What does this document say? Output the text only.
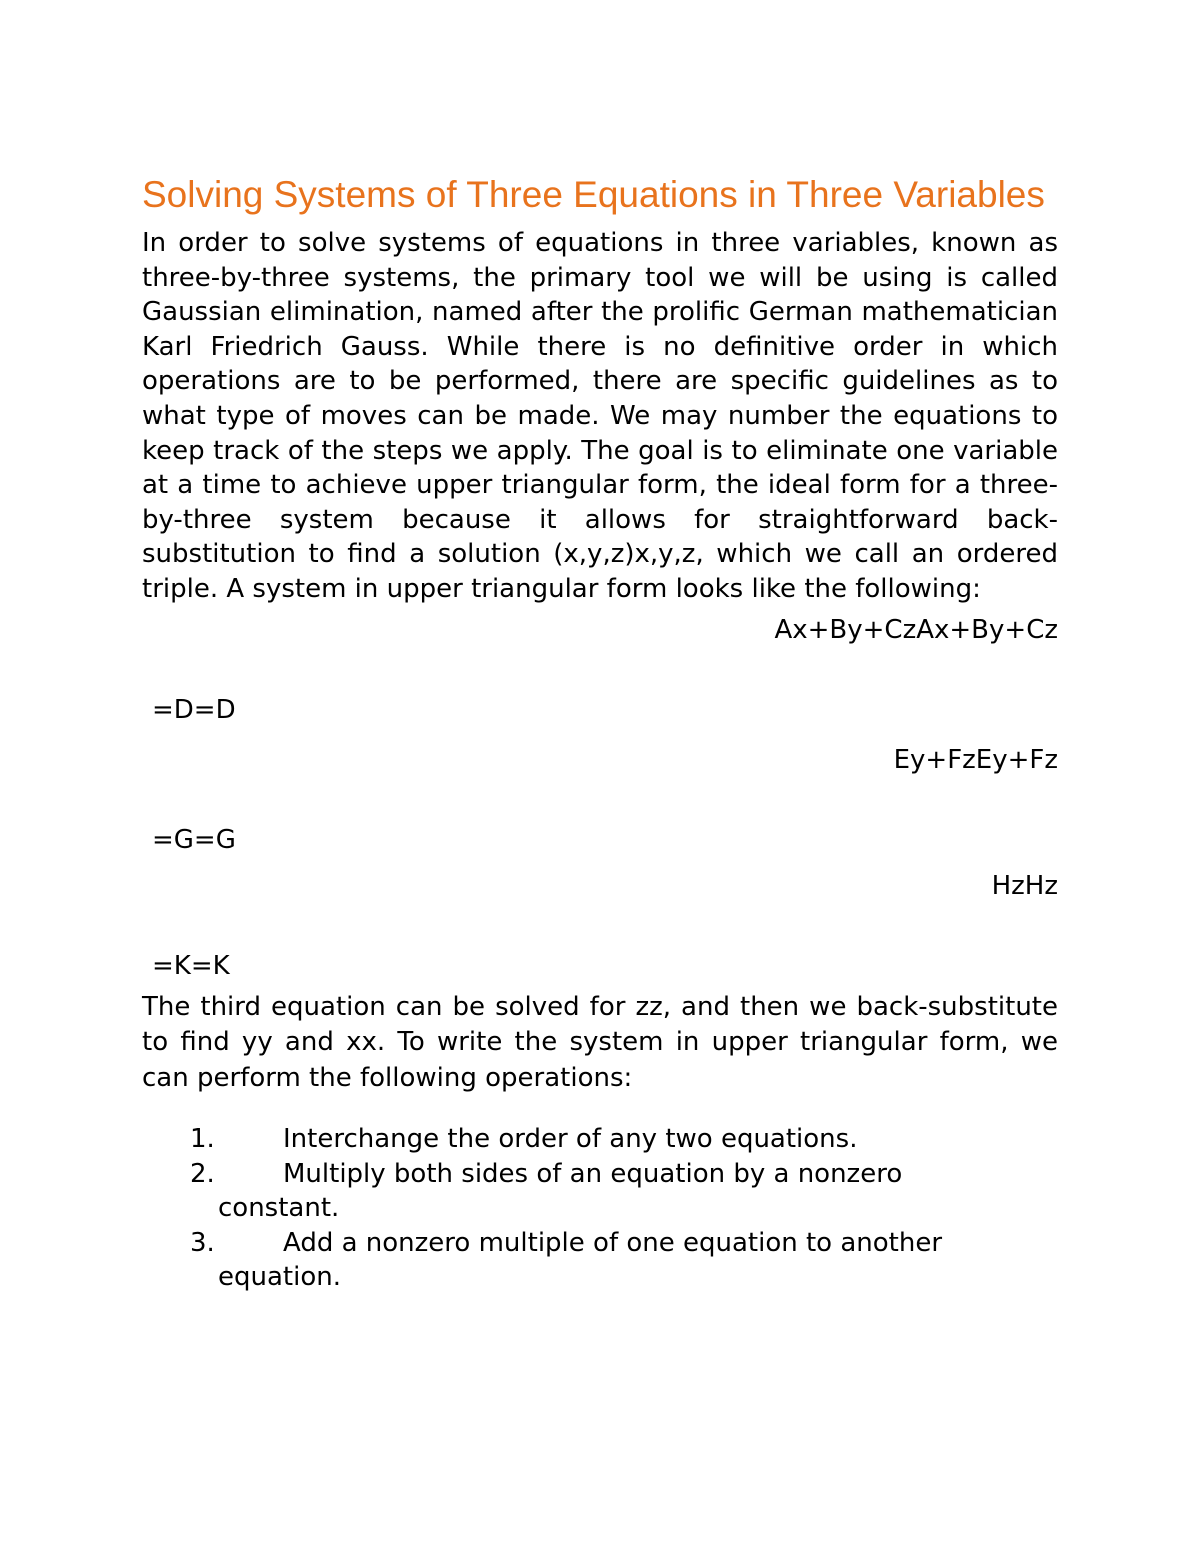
Solving Systems of Three Equations in Three Variables

In order to solve systems of equations in three variables, known as three-by-three systems, the primary tool we will be using is called Gaussian elimination, named after the prolific German mathematician Karl Friedrich Gauss. While there is no definitive order in which operations are to be performed, there are specific guidelines as to what type of moves can be made. We may number the equations to keep track of the steps we apply. The goal is to eliminate one variable at a time to achieve upper triangular form, the ideal form for a three-by-three system because it allows for straightforward back-substitution to find a solution (x,y,z)x,y,z, which we call an ordered triple. A system in upper triangular form looks like the following:

Ax+By+CzAx+By+Cz
=D=D
Ey+FzEy+Fz
=G=G
HzHz
=K=K

The third equation can be solved for zz, and then we back-substitute to find yy and xx. To write the system in upper triangular form, we can perform the following operations:

1.	Interchange the order of any two equations.
2.	Multiply both sides of an equation by a nonzero
constant.
3.	Add a nonzero multiple of one equation to another
equation.
